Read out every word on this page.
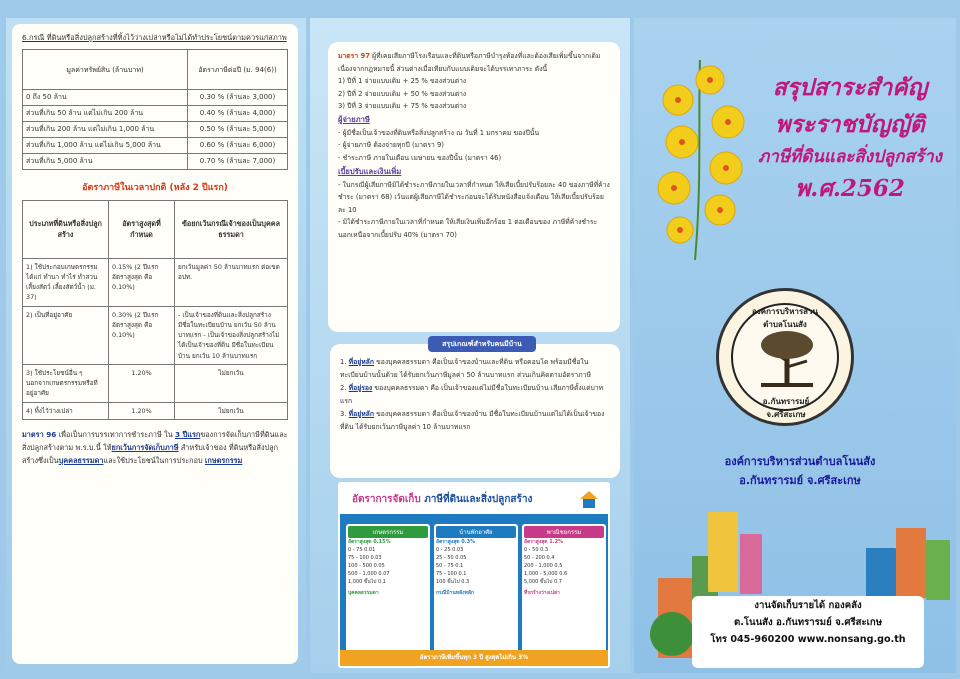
6.กรณี ที่ดินหรือสิ่งปลูกสร้างที่ทิ้งไว้ว่างเปล่าหรือไม่ได้ทำประโยชน์ตามควรแก่สภาพ
มูลค่าทรัพย์สิน (ล้านบาท)	อัตราภาษีต่อปี (ม. 94(6))
0 ถึง 50 ล้าน	0.30 % (ล้านละ 3,000)
ส่วนที่เกิน 50 ล้าน แต่ไม่เกิน 200 ล้าน	0.40 % (ล้านละ 4,000)
ส่วนที่เกิน 200 ล้าน แต่ไม่เกิน 1,000 ล้าน	0.50 % (ล้านละ 5,000)
ส่วนที่เกิน 1,000 ล้าน แต่ไม่เกิน 5,000 ล้าน	0.60 % (ล้านละ 6,000)
ส่วนที่เกิน 5,000 ล้าน	0.70 % (ล้านละ 7,000)
อัตราภาษีในเวลาปกติ (หลัง 2 ปีแรก)
ประเภทที่ดินหรือสิ่งปลูกสร้าง	อัตราสูงสุดที่กำหนด	ข้อยกเว้นกรณีเจ้าของเป็นบุคคลธรรมดา
1) ใช้ประกอบเกษตรกรรม ได้แก่ ทำนา ทำไร่ ทำสวน เลี้ยงสัตว์ เลี้ยงสัตว์น้ำ (ม. 37)	0.15% (2 ปีแรกอัตราสูงสุด คือ 0.10%)	ยกเว้นมูลค่า 50 ล้านบาทแรก ต่อเขต อปท.
2) เป็นที่อยู่อาศัย	0.30% (2 ปีแรกอัตราสูงสุด คือ 0.10%)	- เป็นเจ้าของที่ดินและสิ่งปลูกสร้าง มีชื่อในทะเบียนบ้าน ยกเว้น 50 ล้านบาทแรก - เป็นเจ้าของสิ่งปลูกสร้างไม่ได้เป็นเจ้าของที่ดิน มีชื่อในทะเบียนบ้าน ยกเว้น 10 ล้านบาทแรก
3) ใช้ประโยชน์อื่น ๆ นอกจากเกษตรกรรมหรือที่อยู่อาศัย	1.20%	ไม่ยกเว้น
4) ทิ้งไว้ว่างเปล่า	1.20%	ไม่ยกเว้น
มาตรา 96 เพื่อเป็นการบรรเทาการชำระภาษี ใน 3 ปีแรกของการจัดเก็บภาษีที่ดินและสิ่งปลูกสร้างตาม พ.ร.บ.นี้ ให้ยกเว้นการจัดเก็บภาษี สำหรับเจ้าของ ที่ดินหรือสิ่งปลูกสร้างซึ่งเป็นบุคคลธรรมดาและใช้ประโยชน์ในการประกอบ เกษตรกรรม
มาตรา 97 ผู้ที่เคยเสียภาษีโรงเรือนและที่ดินหรือภาษีบำรุงท้องที่และต้องเสียเพิ่มขึ้นจากเดิม เนื่องจากกฎหมายนี้ ส่วนต่างเมื่อเทียบกับแบบเดิมจะได้บรรเทาภาระ ดังนี้
1) ปีที่ 1 จ่ายแบบเดิม + 25 % ของส่วนต่าง
2) ปีที่ 2 จ่ายแบบเดิม + 50 % ของส่วนต่าง
3) ปีที่ 3 จ่ายแบบเดิม + 75 % ของส่วนต่าง
ผู้จ่ายภาษี
- ผู้มีชื่อเป็นเจ้าของที่ดินหรือสิ่งปลูกสร้าง ณ วันที่ 1 มกราคม ของปีนั้น
- ผู้จ่ายภาษี ต้องจ่ายทุกปี (มาตรา 9)
- ชำระภาษี ภายในเดือน เมษายน ของปีนั้น (มาตรา 46)
เบี้ยปรับและเงินเพิ่ม
- ในกรณีผู้เสียภาษีมิได้ชำระภาษีภายในเวลาที่กำหนด ให้เสียเบี้ยปรับร้อยละ 40 ของภาษีที่ค้างชำระ (มาตรา 68) เว้นแต่ผู้เสียภาษีได้ชำระก่อนจะได้รับหนังสือแจ้งเตือน ให้เสียเบี้ยปรับร้อยละ 10
- มิได้ชำระภาษีภายในเวลาที่กำหนด ให้เสียเงินเพิ่มอีกร้อย 1 ต่อเดือนของ ภาษีที่ค้างชำระ นอกเหนือจากเบี้ยปรับ 40% (มาตรา 70)
1. ที่อยู่หลัก ของบุคคลธรรมดา คือเป็นเจ้าของบ้านและที่ดิน หรือคอนโด พร้อมมีชื่อในทะเบียนบ้านนั้นด้วย ได้รับยกเว้นภาษีมูลค่า 50 ล้านบาทแรก ส่วนเกินคิดตามอัตราภาษี
2. ที่อยู่รอง ของบุคคลธรรมดา คือ เป็นเจ้าของแต่ไม่มีชื่อในทะเบียนบ้าน เสียภาษีตั้งแต่บาทแรก
3. ที่อยู่หลัก ของบุคคลธรรมดา คือเป็นเจ้าของบ้าน มีชื่อในทะเบียนบ้านแต่ไม่ได้เป็นเจ้าของที่ดิน ได้รับยกเว้นภาษีมูลค่า 10 ล้านบาทแรก
สรุปเกณฑ์สำหรับคนมีบ้าน
อัตราการจัดเก็บ ภาษีที่ดินและสิ่งปลูกสร้าง
เกษตรกรรม
อัตราสูงสุด 0.15%
0 - 75 0.01
75 - 100 0.03
100 - 500 0.05
500 - 1,000 0.07
1,000 ขึ้นไป 0.1
บุคคลธรรมดา
บ้านพักอาศัย
อัตราสูงสุด 0.3%
0 - 25 0.03
25 - 50 0.05
50 - 75 0.1
75 - 100 0.1
100 ขึ้นไป 0.3
กรณีบ้านหลังหลัก
พาณิชยกรรม
อัตราสูงสุด 1.2%
0 - 50 0.3
50 - 200 0.4
200 - 1,000 0.5
1,000 - 5,000 0.6
5,000 ขึ้นไป 0.7
ที่รกร้างว่างเปล่า
อัตราภาษีเพิ่มขึ้นทุก 3 ปี สูงสุดไม่เกิน 3%
สรุปสาระสำคัญ
พระราชบัญญัติ
ภาษีที่ดินและสิ่งปลูกสร้าง
พ.ศ.2562
องค์การบริหารส่วนตำบลโนนสัง
อ.กันทรารมย์ จ.ศรีสะเกษ
องค์การบริหารส่วนตำบลโนนสัง
อ.กันทรารมย์ จ.ศรีสะเกษ
งานจัดเก็บรายได้ กองคลัง
ต.โนนสัง อ.กันทรารมย์ จ.ศรีสะเกษ
โทร 045-960200 www.nonsang.go.th
